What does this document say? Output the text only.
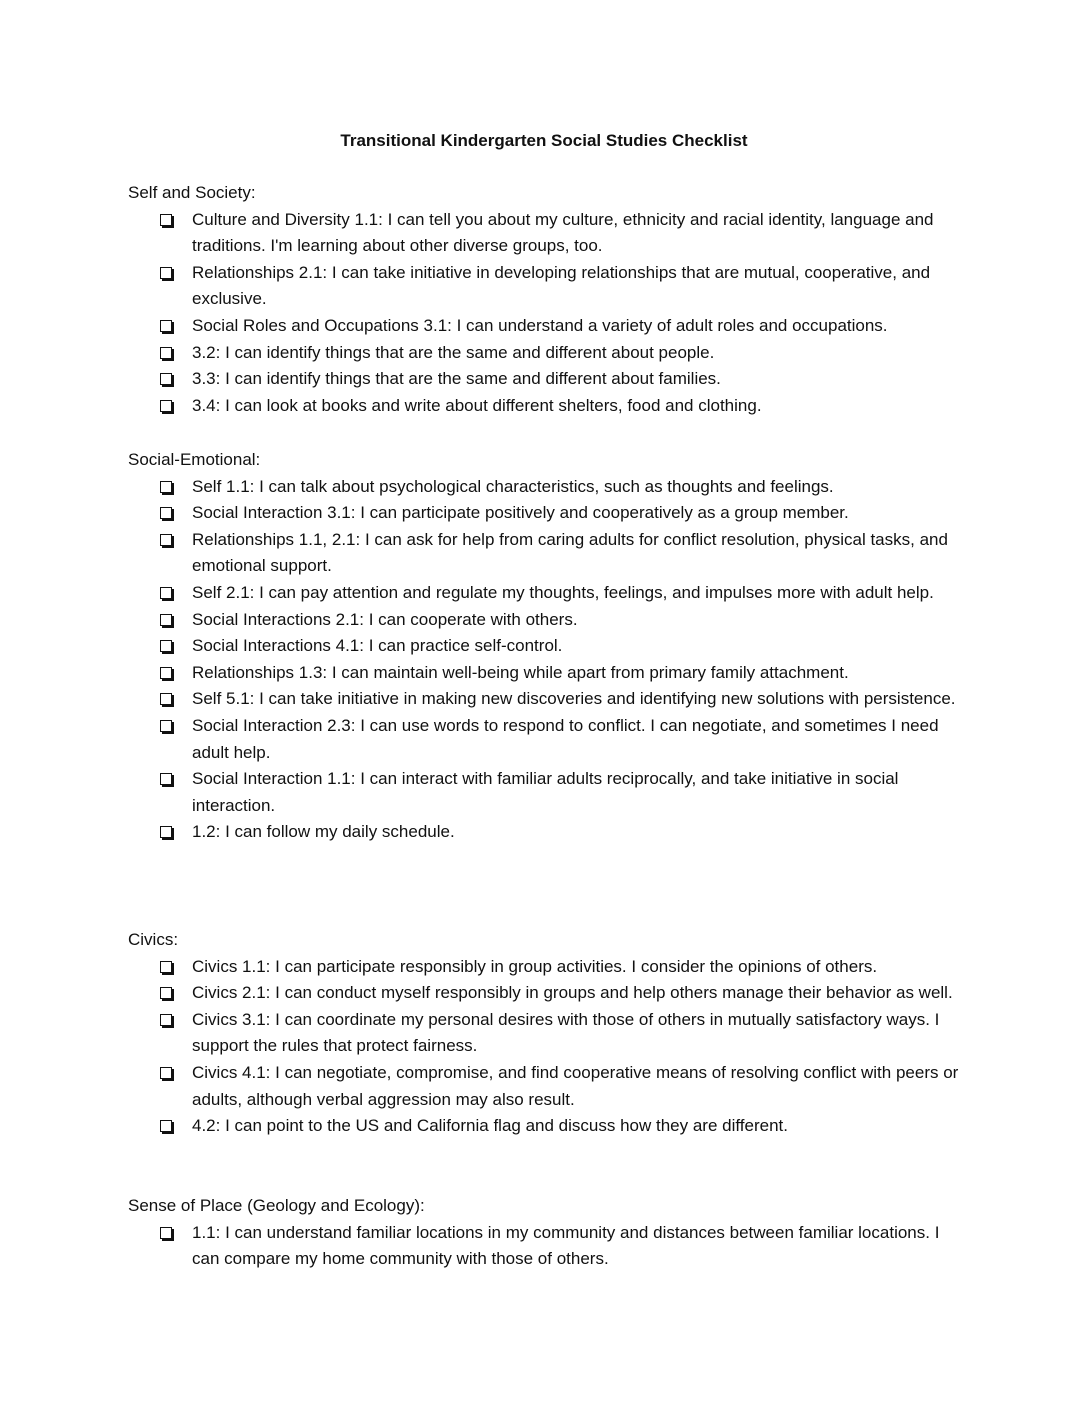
Transitional Kindergarten Social Studies Checklist

Self and Society:

Culture and Diversity 1.1: I can tell you about my culture, ethnicity and racial identity, language and traditions. I'm learning about other diverse groups, too.
Relationships 2.1: I can take initiative in developing relationships that are mutual, cooperative, and exclusive.
Social Roles and Occupations 3.1: I can understand a variety of adult roles and occupations.
3.2: I can identify things that are the same and different about people.
3.3: I can identify things that are the same and different about families.
3.4: I can look at books and write about different shelters, food and clothing.

Social-Emotional:

Self 1.1: I can talk about psychological characteristics, such as thoughts and feelings.
Social Interaction 3.1: I can participate positively and cooperatively as a group member.
Relationships 1.1, 2.1: I can ask for help from caring adults for conflict resolution, physical tasks, and emotional support.
Self 2.1: I can pay attention and regulate my thoughts, feelings, and impulses more with adult help.
Social Interactions 2.1: I can cooperate with others.
Social Interactions 4.1: I can practice self-control.
Relationships 1.3: I can maintain well-being while apart from primary family attachment.
Self 5.1: I can take initiative in making new discoveries and identifying new solutions with persistence.
Social Interaction 2.3: I can use words to respond to conflict. I can negotiate, and sometimes I need adult help.
Social Interaction 1.1: I can interact with familiar adults reciprocally, and take initiative in social interaction.
1.2: I can follow my daily schedule.

Civics:

Civics 1.1: I can participate responsibly in group activities. I consider the opinions of others.
Civics 2.1: I can conduct myself responsibly in groups and help others manage their behavior as well.
Civics 3.1: I can coordinate my personal desires with those of others in mutually satisfactory ways. I support the rules that protect fairness.
Civics 4.1: I can negotiate, compromise, and find cooperative means of resolving conflict with peers or adults, although verbal aggression may also result.
4.2: I can point to the US and California flag and discuss how they are different.

Sense of Place (Geology and Ecology):

1.1: I can understand familiar locations in my community and distances between familiar locations. I can compare my home community with those of others.
